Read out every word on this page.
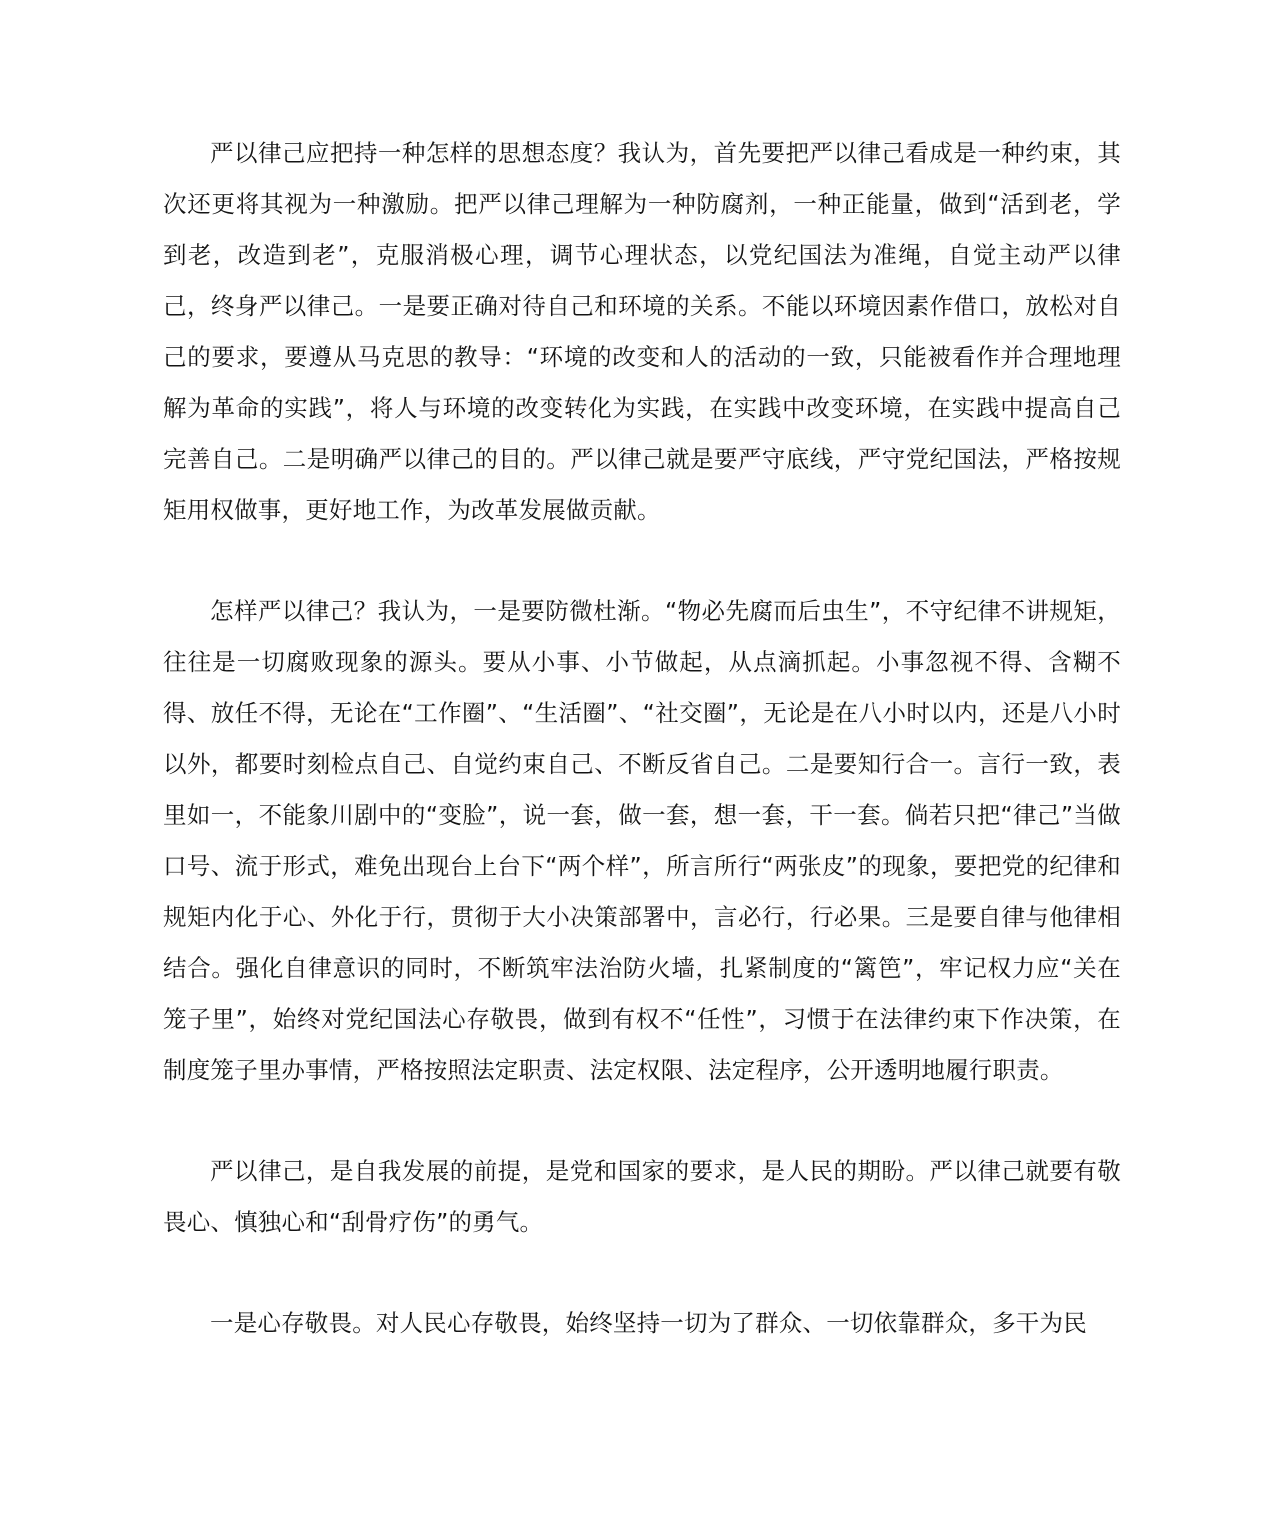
严以律己应把持一种怎样的思想态度？我认为，首先要把严以律己看成是一种约束，其次还更将其视为一种激励。把严以律己理解为一种防腐剂，一种正能量，做到“活到老，学到老，改造到老”，克服消极心理，调节心理状态，以党纪国法为准绳，自觉主动严以律己，终身严以律己。一是要正确对待自己和环境的关系。不能以环境因素作借口，放松对自己的要求，要遵从马克思的教导：“环境的改变和人的活动的一致，只能被看作并合理地理解为革命的实践”，将人与环境的改变转化为实践，在实践中改变环境，在实践中提高自己完善自己。二是明确严以律己的目的。严以律己就是要严守底线，严守党纪国法，严格按规矩用权做事，更好地工作，为改革发展做贡献。

怎样严以律己？我认为，一是要防微杜渐。“物必先腐而后虫生”，不守纪律不讲规矩，往往是一切腐败现象的源头。要从小事、小节做起，从点滴抓起。小事忽视不得、含糊不得、放任不得，无论在“工作圈”、“生活圈”、“社交圈”，无论是在八小时以内，还是八小时以外，都要时刻检点自己、自觉约束自己、不断反省自己。二是要知行合一。言行一致，表里如一，不能象川剧中的“变脸”，说一套，做一套，想一套，干一套。倘若只把“律己”当做口号、流于形式，难免出现台上台下“两个样”，所言所行“两张皮”的现象，要把党的纪律和规矩内化于心、外化于行，贯彻于大小决策部署中，言必行，行必果。三是要自律与他律相结合。强化自律意识的同时，不断筑牢法治防火墙，扎紧制度的“篱笆”，牢记权力应“关在笼子里”，始终对党纪国法心存敬畏，做到有权不“任性”，习惯于在法律约束下作决策，在制度笼子里办事情，严格按照法定职责、法定权限、法定程序，公开透明地履行职责。

严以律己，是自我发展的前提，是党和国家的要求，是人民的期盼。严以律己就要有敬畏心、慎独心和“刮骨疗伤”的勇气。

一是心存敬畏。对人民心存敬畏，始终坚持一切为了群众、一切依靠群众，多干为民
